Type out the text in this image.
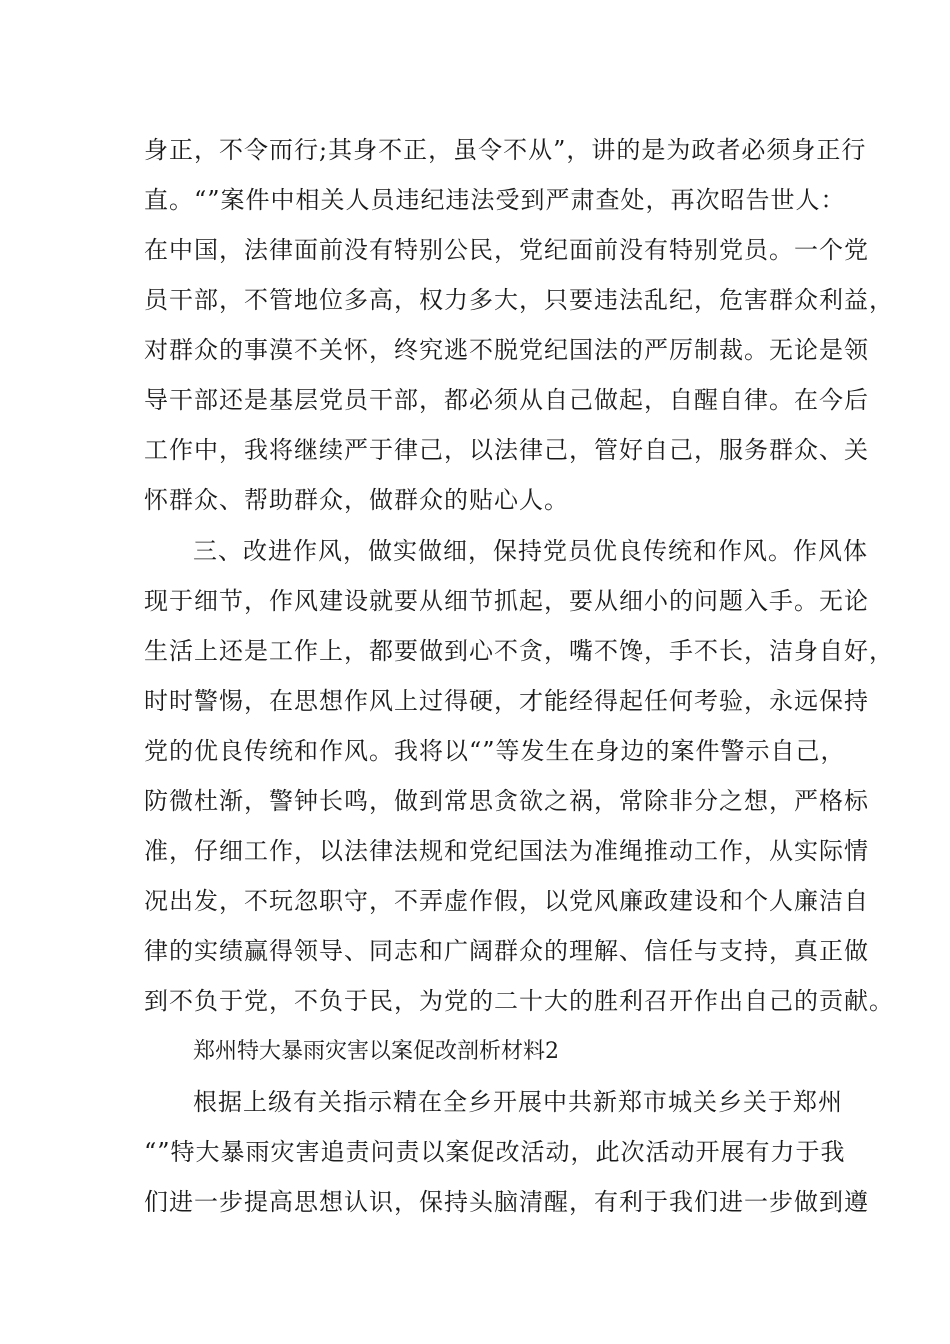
身正，不令而行;其身不正，虽令不从”，讲的是为政者必须身正行
直。“”案件中相关人员违纪违法受到严肃查处，再次昭告世人：
在中国，法律面前没有特别公民，党纪面前没有特别党员。一个党
员干部，不管地位多高，权力多大，只要违法乱纪，危害群众利益，
对群众的事漠不关怀，终究逃不脱党纪国法的严厉制裁。无论是领
导干部还是基层党员干部，都必须从自己做起，自醒自律。在今后
工作中，我将继续严于律己，以法律己，管好自己，服务群众、关
怀群众、帮助群众，做群众的贴心人。
三、改进作风，做实做细，保持党员优良传统和作风。作风体
现于细节，作风建设就要从细节抓起，要从细小的问题入手。无论
生活上还是工作上，都要做到心不贪，嘴不馋，手不长，洁身自好，
时时警惕，在思想作风上过得硬，才能经得起任何考验，永远保持
党的优良传统和作风。我将以“”等发生在身边的案件警示自己，
防微杜渐，警钟长鸣，做到常思贪欲之祸，常除非分之想，严格标
准，仔细工作，以法律法规和党纪国法为准绳推动工作，从实际情
况出发，不玩忽职守，不弄虚作假，以党风廉政建设和个人廉洁自
律的实绩赢得领导、同志和广阔群众的理解、信任与支持，真正做
到不负于党，不负于民，为党的二十大的胜利召开作出自己的贡献。
郑州特大暴雨灾害以案促改剖析材料2
根据上级有关指示精在全乡开展中共新郑市城关乡关于郑州
“”特大暴雨灾害追责问责以案促改活动，此次活动开展有力于我
们进一步提高思想认识，保持头脑清醒，有利于我们进一步做到遵
